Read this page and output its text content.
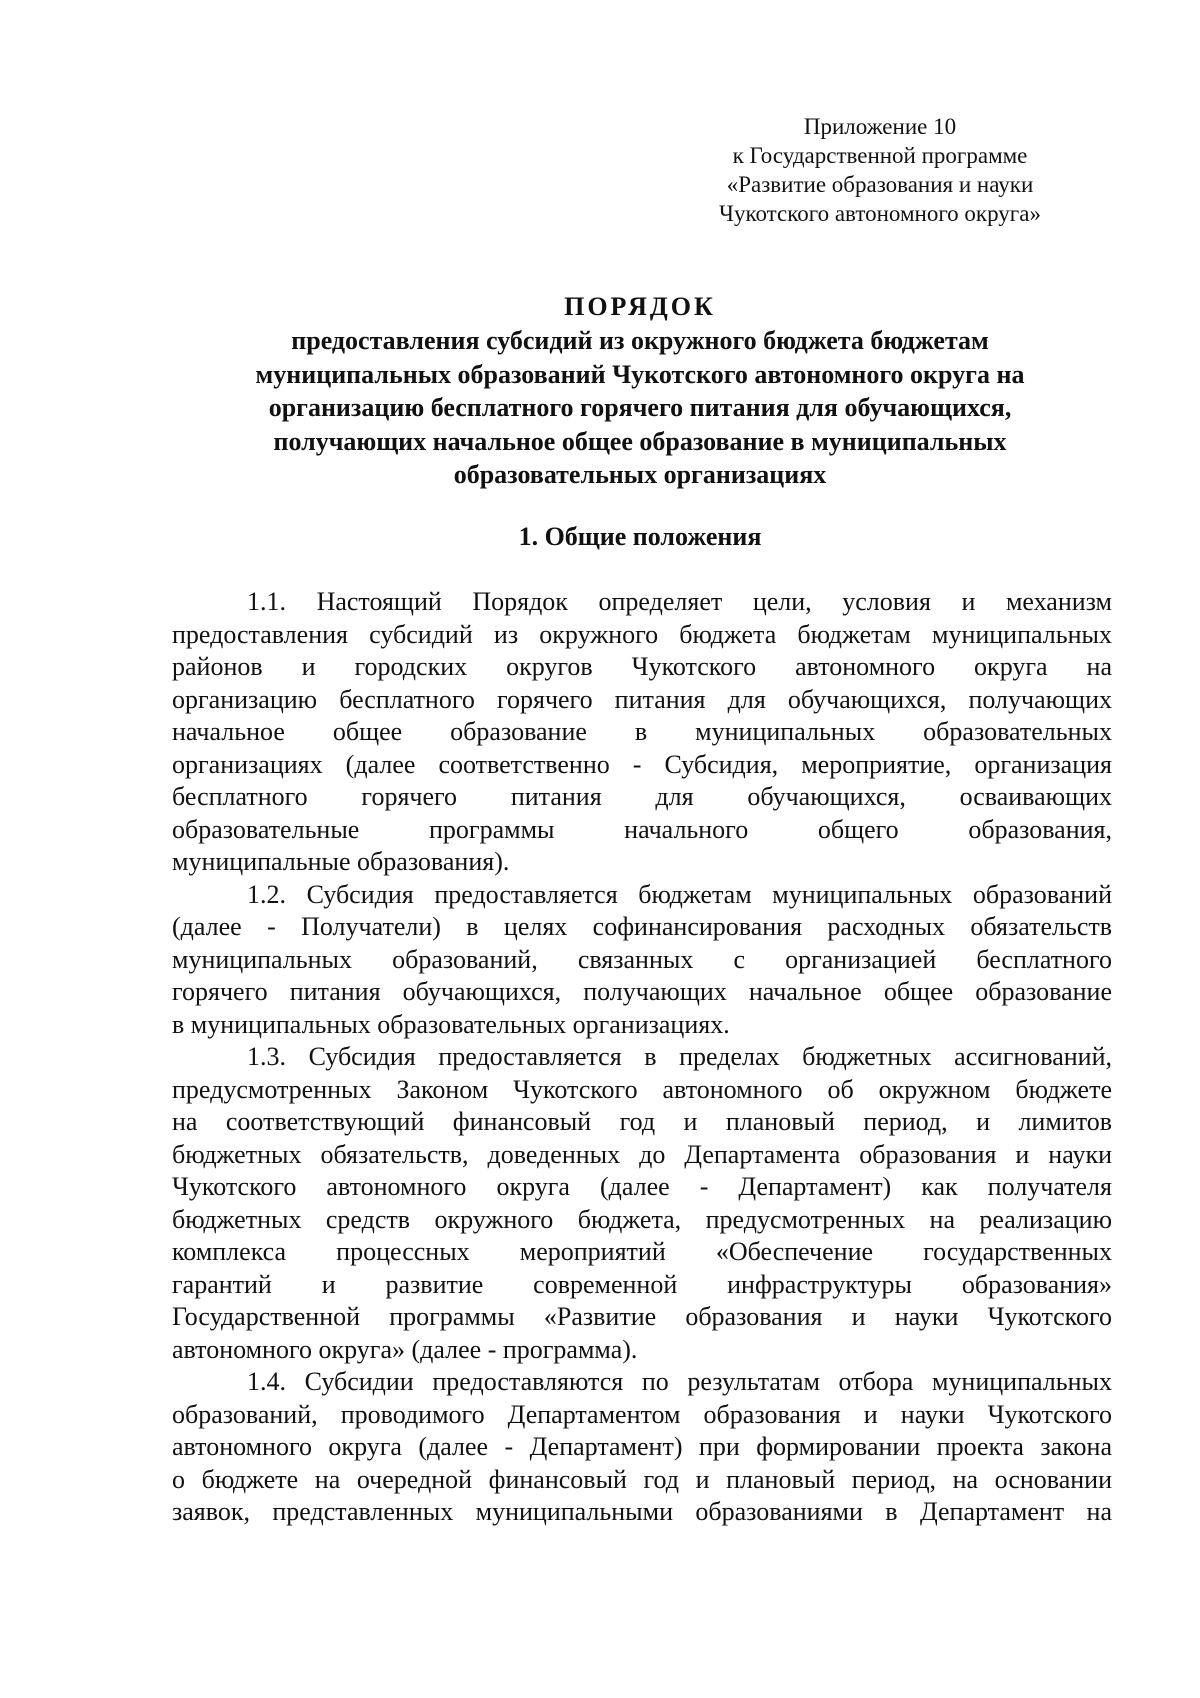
Приложение 10
к Государственной программе
«Развитие образования и науки
Чукотского автономного округа»
ПОРЯДОК
предоставления субсидий из окружного бюджета бюджетам
муниципальных образований Чукотского автономного округа на
организацию бесплатного горячего питания для обучающихся,
получающих начальное общее образование в муниципальных
образовательных организациях
1. Общие положения
1.1. Настоящий Порядок определяет цели, условия и механизм
предоставления субсидий из окружного бюджета бюджетам муниципальных
районов и городских округов Чукотского автономного округа на
организацию бесплатного горячего питания для обучающихся, получающих
начальное общее образование в муниципальных образовательных
организациях (далее соответственно - Субсидия, мероприятие, организация
бесплатного горячего питания для обучающихся, осваивающих
образовательные программы начального общего образования,
муниципальные образования).
1.2. Субсидия предоставляется бюджетам муниципальных образований
(далее - Получатели) в целях софинансирования расходных обязательств
муниципальных образований, связанных с организацией бесплатного
горячего питания обучающихся, получающих начальное общее образование
в муниципальных образовательных организациях.
1.3. Субсидия предоставляется в пределах бюджетных ассигнований,
предусмотренных Законом Чукотского автономного об окружном бюджете
на соответствующий финансовый год и плановый период, и лимитов
бюджетных обязательств, доведенных до Департамента образования и науки
Чукотского автономного округа (далее - Департамент) как получателя
бюджетных средств окружного бюджета, предусмотренных на реализацию
комплекса процессных мероприятий «Обеспечение государственных
гарантий и развитие современной инфраструктуры образования»
Государственной программы «Развитие образования и науки Чукотского
автономного округа» (далее - программа).
1.4. Субсидии предоставляются по результатам отбора муниципальных
образований, проводимого Департаментом образования и науки Чукотского
автономного округа (далее - Департамент) при формировании проекта закона
о бюджете на очередной финансовый год и плановый период, на основании
заявок, представленных муниципальными образованиями в Департамент на
